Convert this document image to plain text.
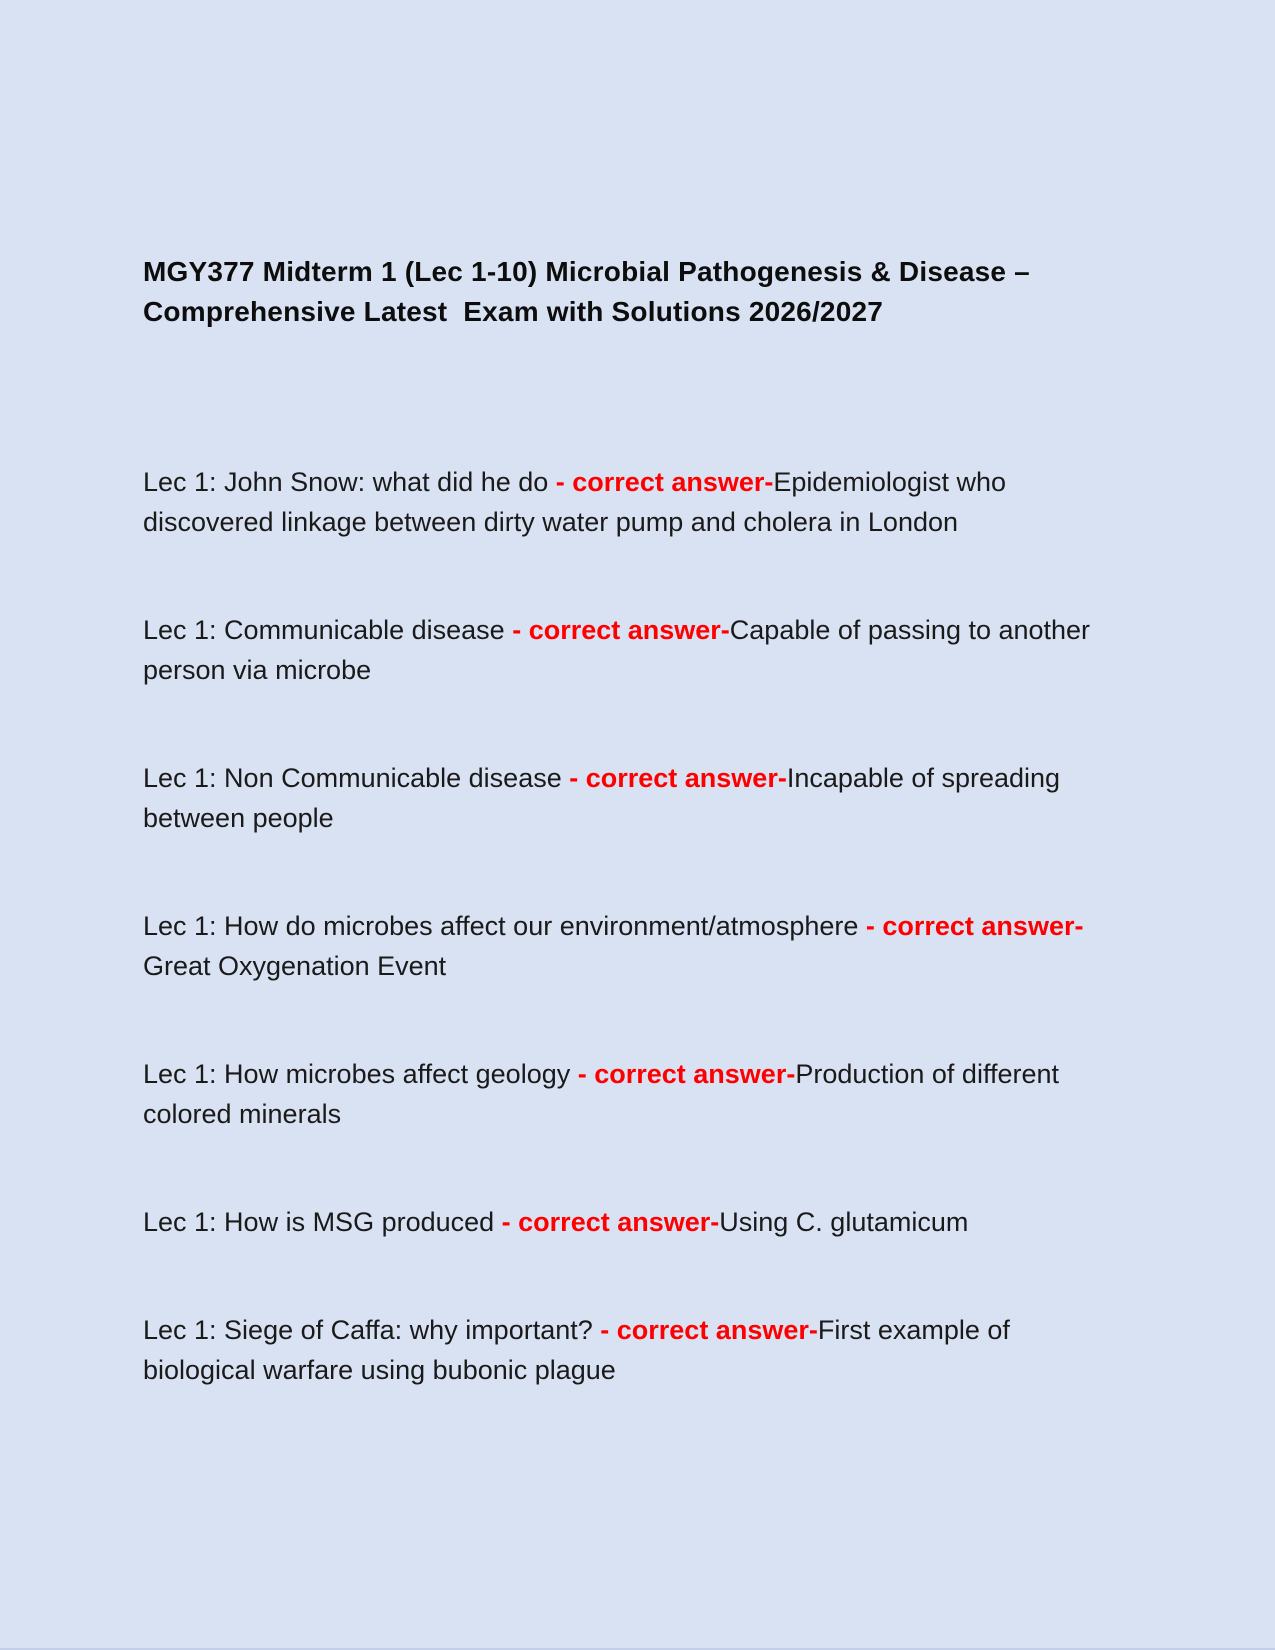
MGY377 Midterm 1 (Lec 1-10) Microbial Pathogenesis & Disease –
Comprehensive Latest  Exam with Solutions 2026/2027

Lec 1: John Snow: what did he do - correct answer-Epidemiologist who discovered linkage between dirty water pump and cholera in London

Lec 1: Communicable disease - correct answer-Capable of passing to another person via microbe

Lec 1: Non Communicable disease - correct answer-Incapable of spreading between people

Lec 1: How do microbes affect our environment/atmosphere - correct answer-Great Oxygenation Event

Lec 1: How microbes affect geology - correct answer-Production of different colored minerals

Lec 1: How is MSG produced - correct answer-Using C. glutamicum

Lec 1: Siege of Caffa: why important? - correct answer-First example of biological warfare using bubonic plague
